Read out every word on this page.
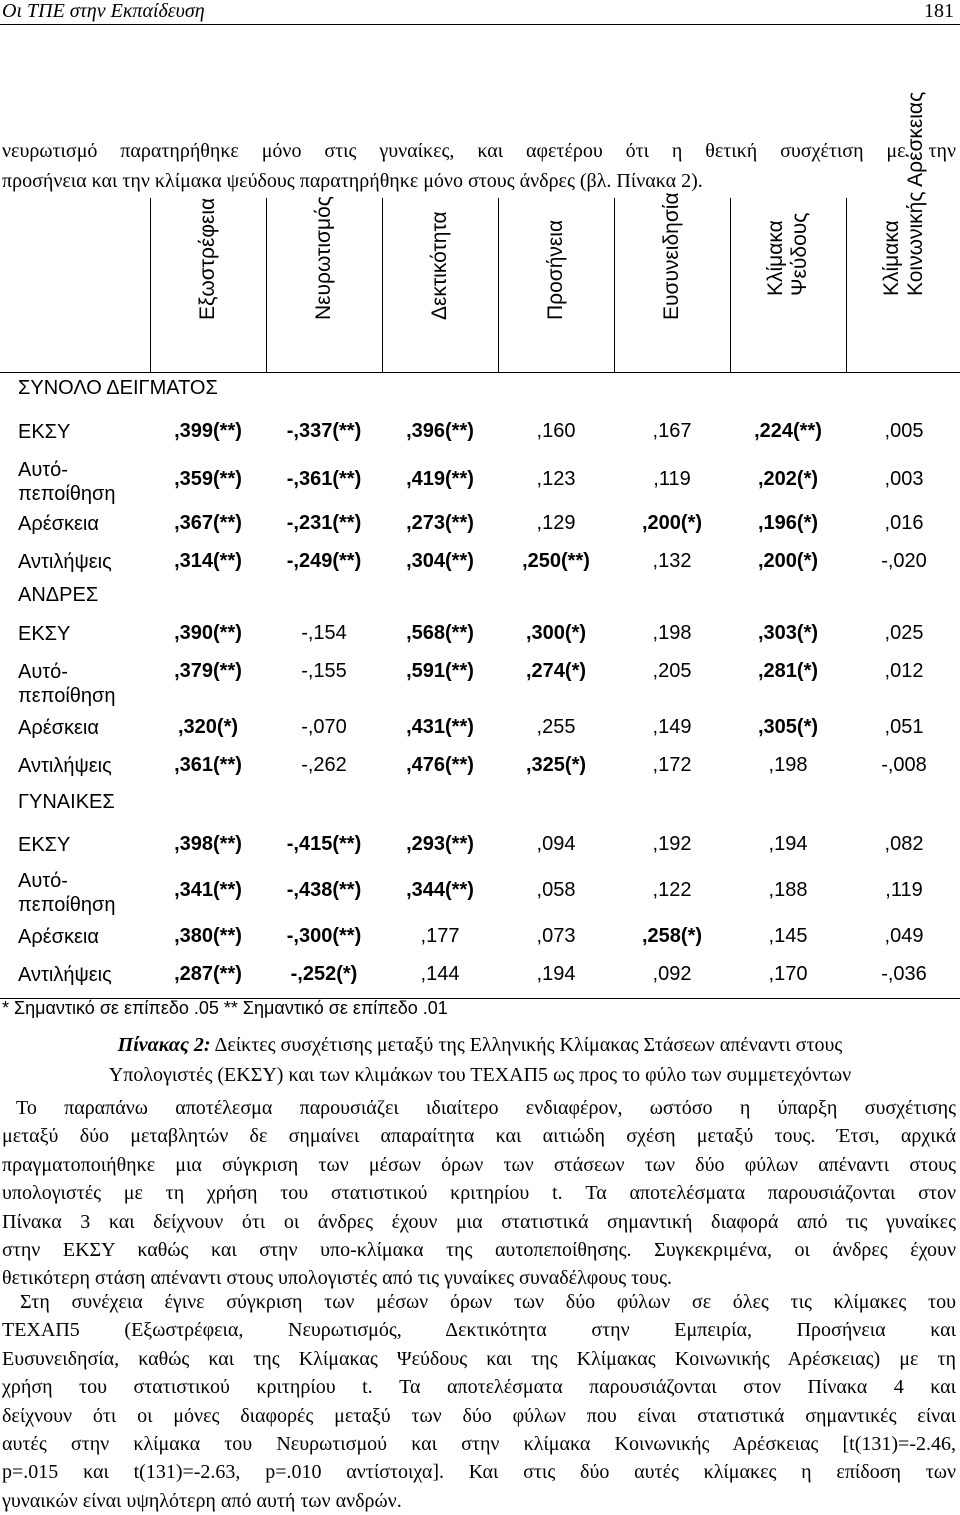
Οι ΤΠΕ στην Εκπαίδευση	181
νευρωτισμό παρατηρήθηκε μόνο στις γυναίκες, και αφετέρου ότι η θετική συσχέτιση με την
προσήνεια και την κλίμακα ψεύδους παρατηρήθηκε μόνο στους άνδρες (βλ. Πίνακα 2).
Εξωστρέφεια	Νευρωτισμός	Δεκτικότητα	Προσήνεια	Ευσυνειδησία	Κλίμακα Ψεύδους	Κλίμακα Κοινωνικής Αρέσκειας
ΣΥΝΟΛΟ ΔΕΙΓΜΑΤΟΣ
ΕΚΣΥ	,399(**)	-,337(**)	,396(**)	,160	,167	,224(**)	,005
Αυτό-
πεποίθηση
,359(**)	-,361(**)	,419(**)	,123	,119	,202(*)	,003
Αρέσκεια	,367(**)	-,231(**)	,273(**)	,129	,200(*)	,196(*)	,016
Αντιλήψεις	,314(**)	-,249(**)	,304(**)	,250(**)	,132	,200(*)	-,020
ΑΝΔΡΕΣ
ΕΚΣΥ	,390(**)	-,154	,568(**)	,300(*)	,198	,303(*)	,025
Αυτό-
πεποίθηση
,379(**)	-,155	,591(**)	,274(*)	,205	,281(*)	,012
Αρέσκεια	,320(*)	-,070	,431(**)	,255	,149	,305(*)	,051
Αντιλήψεις	,361(**)	-,262	,476(**)	,325(*)	,172	,198	-,008
ΓΥΝΑΙΚΕΣ
ΕΚΣΥ	,398(**)	-,415(**)	,293(**)	,094	,192	,194	,082
Αυτό-
πεποίθηση
,341(**)	-,438(**)	,344(**)	,058	,122	,188	,119
Αρέσκεια	,380(**)	-,300(**)	,177	,073	,258(*)	,145	,049
Αντιλήψεις	,287(**)	-,252(*)	,144	,194	,092	,170	-,036
* Σημαντικό σε επίπεδο .05 ** Σημαντικό σε επίπεδο .01
Πίνακας 2: Δείκτες συσχέτισης μεταξύ της Ελληνικής Κλίμακας Στάσεων απέναντι στους
Υπολογιστές (ΕΚΣΥ) και των κλιμάκων του ΤΕΧΑΠ5 ως προς το φύλο των συμμετεχόντων
Το παραπάνω αποτέλεσμα παρουσιάζει ιδιαίτερο ενδιαφέρον, ωστόσο η ύπαρξη συσχέτισης
μεταξύ δύο μεταβλητών δε σημαίνει απαραίτητα και αιτιώδη σχέση μεταξύ τους. Έτσι, αρχικά
πραγματοποιήθηκε μια σύγκριση των μέσων όρων των στάσεων των δύο φύλων απέναντι στους
υπολογιστές με τη χρήση του στατιστικού κριτηρίου t. Τα αποτελέσματα παρουσιάζονται στον
Πίνακα 3 και δείχνουν ότι οι άνδρες έχουν μια στατιστικά σημαντική διαφορά από τις γυναίκες
στην ΕΚΣΥ καθώς και στην υπο-κλίμακα της αυτοπεποίθησης. Συγκεκριμένα, οι άνδρες έχουν
θετικότερη στάση απέναντι στους υπολογιστές από τις γυναίκες συναδέλφους τους.
Στη συνέχεια έγινε σύγκριση των μέσων όρων των δύο φύλων σε όλες τις κλίμακες του
ΤΕΧΑΠ5 (Εξωστρέφεια, Νευρωτισμός, Δεκτικότητα στην Εμπειρία, Προσήνεια και
Ευσυνειδησία, καθώς και της Κλίμακας Ψεύδους και της Κλίμακας Κοινωνικής Αρέσκειας) με τη
χρήση του στατιστικού κριτηρίου t. Τα αποτελέσματα παρουσιάζονται στον Πίνακα 4 και
δείχνουν ότι οι μόνες διαφορές μεταξύ των δύο φύλων που είναι στατιστικά σημαντικές είναι
αυτές στην κλίμακα του Νευρωτισμού και στην κλίμακα Κοινωνικής Αρέσκειας [t(131)=-2.46,
p=.015 και t(131)=-2.63, p=.010 αντίστοιχα]. Και στις δύο αυτές κλίμακες η επίδοση των
γυναικών είναι υψηλότερη από αυτή των ανδρών.
